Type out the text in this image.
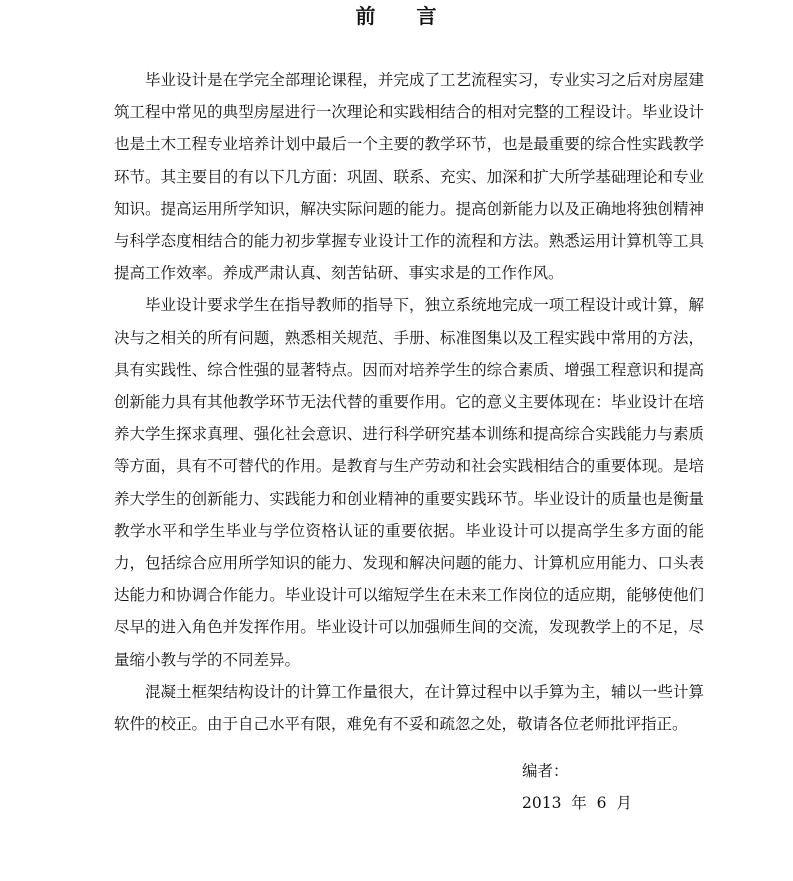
前 言

毕业设计是在学完全部理论课程，并完成了工艺流程实习，专业实习之后对房屋建筑工程中常见的典型房屋进行一次理论和实践相结合的相对完整的工程设计。毕业设计也是土木工程专业培养计划中最后一个主要的教学环节，也是最重要的综合性实践教学环节。其主要目的有以下几方面：巩固、联系、充实、加深和扩大所学基础理论和专业知识。提高运用所学知识，解决实际问题的能力。提高创新能力以及正确地将独创精神与科学态度相结合的能力初步掌握专业设计工作的流程和方法。熟悉运用计算机等工具提高工作效率。养成严肃认真、刻苦钻研、事实求是的工作作风。

毕业设计要求学生在指导教师的指导下，独立系统地完成一项工程设计或计算，解决与之相关的所有问题，熟悉相关规范、手册、标准图集以及工程实践中常用的方法，具有实践性、综合性强的显著特点。因而对培养学生的综合素质、增强工程意识和提高创新能力具有其他教学环节无法代替的重要作用。它的意义主要体现在：毕业设计在培养大学生探求真理、强化社会意识、进行科学研究基本训练和提高综合实践能力与素质等方面，具有不可替代的作用。是教育与生产劳动和社会实践相结合的重要体现。是培养大学生的创新能力、实践能力和创业精神的重要实践环节。毕业设计的质量也是衡量教学水平和学生毕业与学位资格认证的重要依据。毕业设计可以提高学生多方面的能力，包括综合应用所学知识的能力、发现和解决问题的能力、计算机应用能力、口头表达能力和协调合作能力。毕业设计可以缩短学生在未来工作岗位的适应期，能够使他们尽早的进入角色并发挥作用。毕业设计可以加强师生间的交流，发现教学上的不足，尽量缩小教与学的不同差异。

混凝土框架结构设计的计算工作量很大，在计算过程中以手算为主，辅以一些计算软件的校正。由于自己水平有限，难免有不妥和疏忽之处，敬请各位老师批评指正。

编者：
2013  年  6  月
